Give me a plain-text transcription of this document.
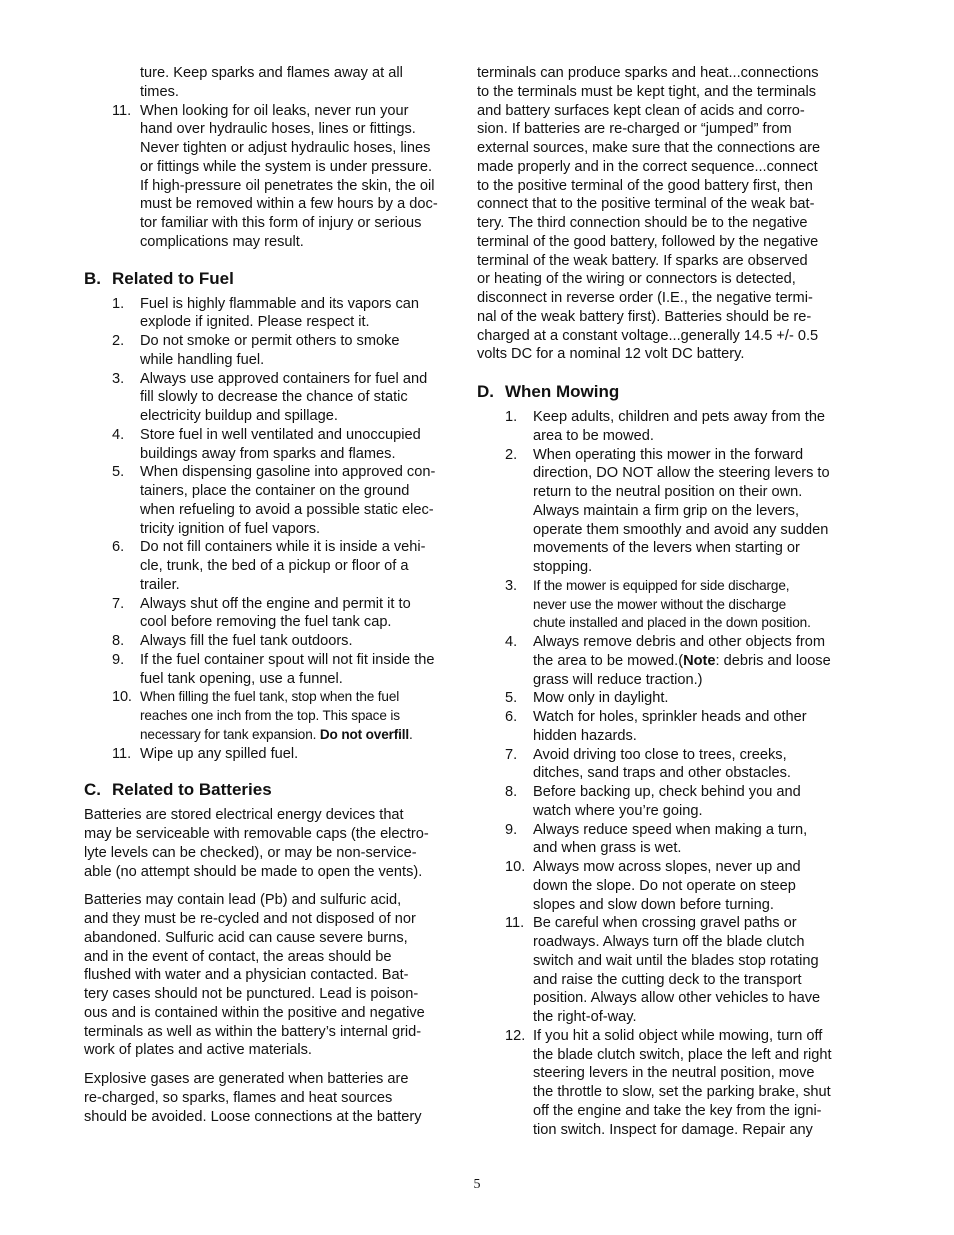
ture. Keep sparks and flames away at all
times.
11. When looking for oil leaks, never run your
hand over hydraulic hoses, lines or fittings.
Never tighten or adjust hydraulic hoses, lines
or fittings while the system is under pressure.
If high-pressure oil penetrates the skin, the oil
must be removed within a few hours by a doc-
tor familiar with this form of injury or serious
complications may result.
B. Related to Fuel
1.	Fuel is highly flammable and its vapors can
explode if ignited. Please respect it.
2.	Do not smoke or permit others to smoke
while handling fuel.
3.	Always use approved containers for fuel and
fill slowly to decrease the chance of static
electricity buildup and spillage.
4.	Store fuel in well ventilated and unoccupied
buildings away from sparks and flames.
5.	When dispensing gasoline into approved con-
tainers, place the container on the ground
when refueling to avoid a possible static elec-
tricity ignition of fuel vapors.
6.	Do not fill containers while it is inside a vehi-
cle, trunk, the bed of a pickup or floor of a
trailer.
7.	Always shut off the engine and permit it to
cool before removing the fuel tank cap.
8.	Always fill the fuel tank outdoors.
9.	If the fuel container spout will not fit inside the
fuel tank opening, use a funnel.
10. When filling the fuel tank, stop when the fuel
reaches one inch from the top. This space is
necessary for tank expansion. Do not overfill.
11. Wipe up any spilled fuel.
C. Related to Batteries
Batteries are stored electrical energy devices that
may be serviceable with removable caps (the electro-
lyte levels can be checked), or may be non-service-
able (no attempt should be made to open the vents).
Batteries may contain lead (Pb) and sulfuric acid,
and they must be re-cycled and not disposed of nor
abandoned. Sulfuric acid can cause severe burns,
and in the event of contact, the areas should be
flushed with water and a physician contacted. Bat-
tery cases should not be punctured. Lead is poison-
ous and is contained within the positive and negative
terminals as well as within the battery’s internal grid-
work of plates and active materials.
Explosive gases are generated when batteries are
re-charged, so sparks, flames and heat sources
should be avoided. Loose connections at the battery
terminals can produce sparks and heat...connections
to the terminals must be kept tight, and the terminals
and battery surfaces kept clean of acids and corro-
sion. If batteries are re-charged or “jumped” from
external sources, make sure that the connections are
made properly and in the correct sequence...connect
to the positive terminal of the good battery first, then
connect that to the positive terminal of the weak bat-
tery. The third connection should be to the negative
terminal of the good battery, followed by the negative
terminal of the weak battery. If sparks are observed
or heating of the wiring or connectors is detected,
disconnect in reverse order (I.E., the negative termi-
nal of the weak battery first). Batteries should be re-
charged at a constant voltage...generally 14.5 +/- 0.5
volts DC for a nominal 12 volt DC battery.
D. When Mowing
1.	Keep adults, children and pets away from the
area to be mowed.
2.	When operating this mower in the forward
direction, DO NOT allow the steering levers to
return to the neutral position on their own.
Always maintain a firm grip on the levers,
operate them smoothly and avoid any sudden
movements of the levers when starting or
stopping.
3.	If the mower is equipped for side discharge,
never use the mower without the discharge
chute installed and placed in the down position.
4.	Always remove debris and other objects from
the area to be mowed.(Note: debris and loose
grass will reduce traction.)
5.	Mow only in daylight.
6.	Watch for holes, sprinkler heads and other
hidden hazards.
7.	Avoid driving too close to trees, creeks,
ditches, sand traps and other obstacles.
8.	Before backing up, check behind you and
watch where you’re going.
9.	Always reduce speed when making a turn,
and when grass is wet.
10. Always mow across slopes, never up and
down the slope. Do not operate on steep
slopes and slow down before turning.
11. Be careful when crossing gravel paths or
roadways. Always turn off the blade clutch
switch and wait until the blades stop rotating
and raise the cutting deck to the transport
position. Always allow other vehicles to have
the right-of-way.
12. If you hit a solid object while mowing, turn off
the blade clutch switch, place the left and right
steering levers in the neutral position, move
the throttle to slow, set the parking brake, shut
off the engine and take the key from the igni-
tion switch. Inspect for damage. Repair any
5
